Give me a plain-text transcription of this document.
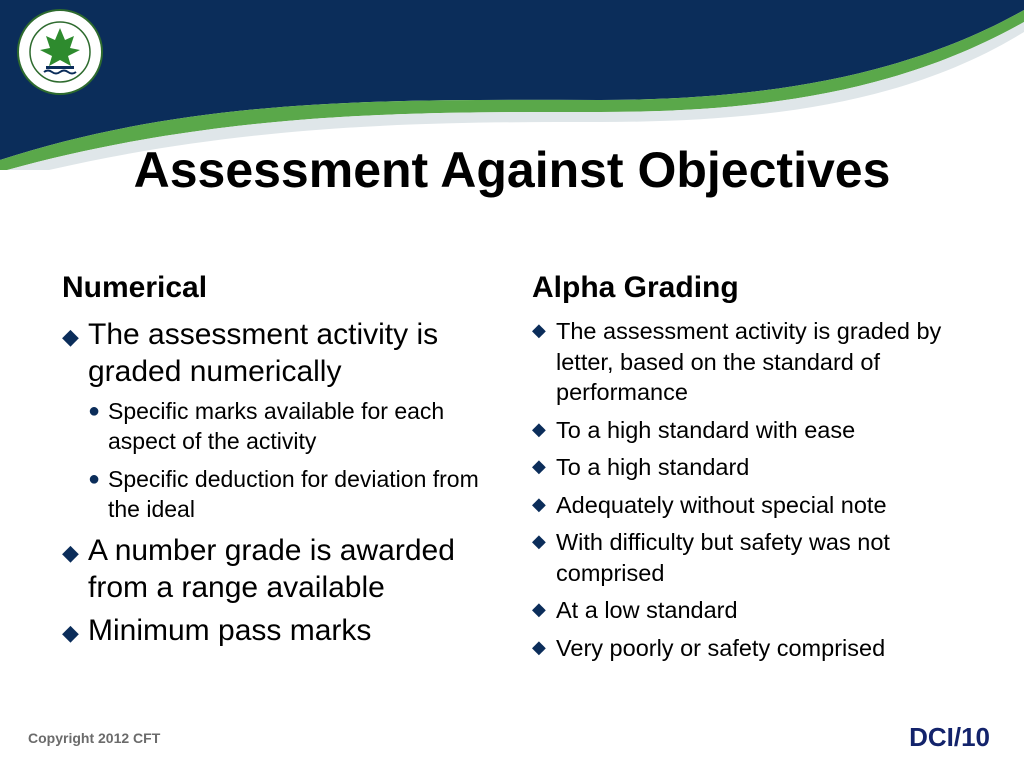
Assessment Against Objectives
Numerical
◆ The assessment activity is graded numerically
● Specific marks available for each aspect of the activity
● Specific deduction for deviation from the ideal
◆ A number grade is awarded from a range available
◆ Minimum pass marks
Alpha Grading
◆ The assessment activity is graded by letter, based on the standard of performance
◆ To a high standard with ease
◆ To a high standard
◆ Adequately without special note
◆ With difficulty but safety was not comprised
◆ At a low standard
◆ Very poorly or safety comprised
Copyright 2012 CFT	DCI/10
